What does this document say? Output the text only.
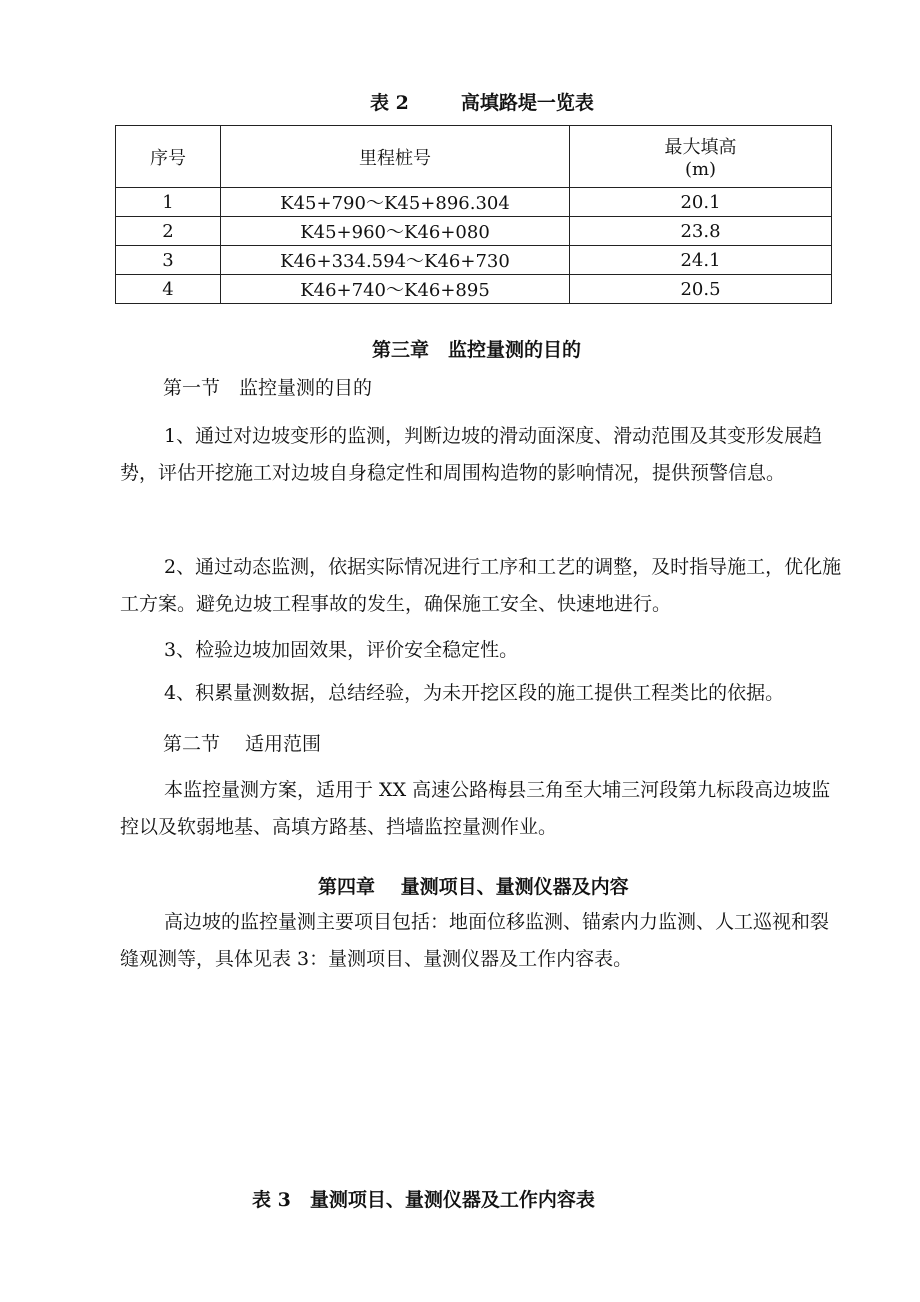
表 2	高填路堤一览表
序号	里程桩号	最大填高
(m)

1	K45+790～K45+896.304	20.1
2	K45+960～K46+080	23.8
3	K46+334.594～K46+730	24.1
4	K46+740～K46+895	20.5
第三章　监控量测的目的
第一节　监控量测的目的
1、通过对边坡变形的监测，判断边坡的滑动面深度、滑动范围及其变形发展趋势，评估开挖施工对边坡自身稳定性和周围构造物的影响情况，提供预警信息。
2、通过动态监测，依据实际情况进行工序和工艺的调整，及时指导施工，优化施工方案。避免边坡工程事故的发生，确保施工安全、快速地进行。
3、检验边坡加固效果，评价安全稳定性。
4、积累量测数据，总结经验，为未开挖区段的施工提供工程类比的依据。
第二节　 适用范围
本监控量测方案，适用于 XX 高速公路梅县三角至大埔三河段第九标段高边坡监控以及软弱地基、高填方路基、挡墙监控量测作业。
第四章　 量测项目、量测仪器及内容
高边坡的监控量测主要项目包括：地面位移监测、锚索内力监测、人工巡视和裂缝观测等，具体见表 3：量测项目、量测仪器及工作内容表。
表 3　量测项目、量测仪器及工作内容表
